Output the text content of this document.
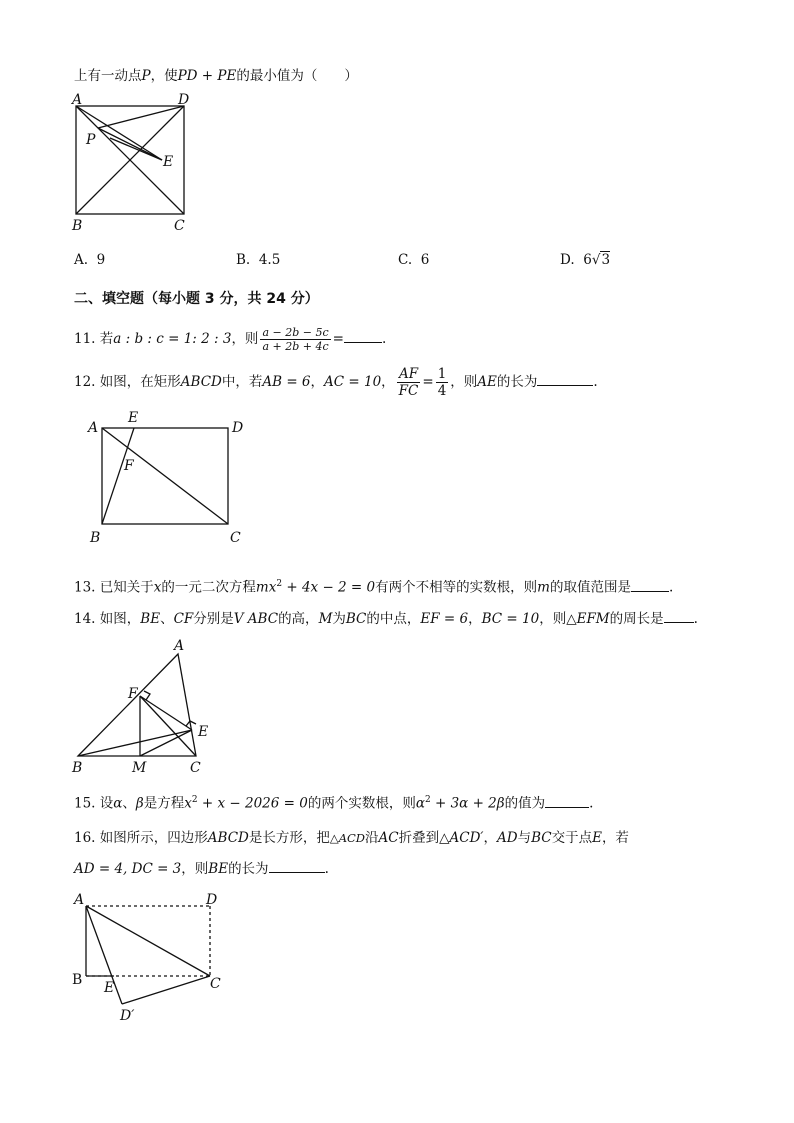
上有一动点P，使PD + PE的最小值为（　　）
A	D
P
E
B	C
A. 9	B. 4.5	C. 6	D. 6√3
二、填空题（每小题 3 分，共 24 分）
11. 若a : b : c = 1: 2 : 3，则 $\frac{a - 2b - 5c}{a + 2b + 4c}$ =	.
12. 如图，在矩形ABCD中，若AB = 6，AC = 10， $\frac{AF}{FC} = \frac{1}{4}$ ，则AE的长为	.
A
E
D
F
B	C
13. 已知关于x的一元二次方程$mx^2 + 4x - 2 = 0$有两个不相等的实数根，则m的取值范围是	.
14. 如图，BE、CF分别是V ABC的高，M为BC的中点，EF = 6，BC = 10，则△EFM的周长是 .
A
F
E
B	M	C
15. 设α、β是方程$x^2 + x - 2026 = 0$的两个实数根，则$\alpha^2 + 3\alpha + 2\beta$的值为	.
16. 如图所示，四边形ABCD是长方形，把△ACD沿AC折叠到△ACD′，AD与BC交于点E，若
AD = 4, DC = 3，则BE的长为	.
A	D
B E	C
D′
